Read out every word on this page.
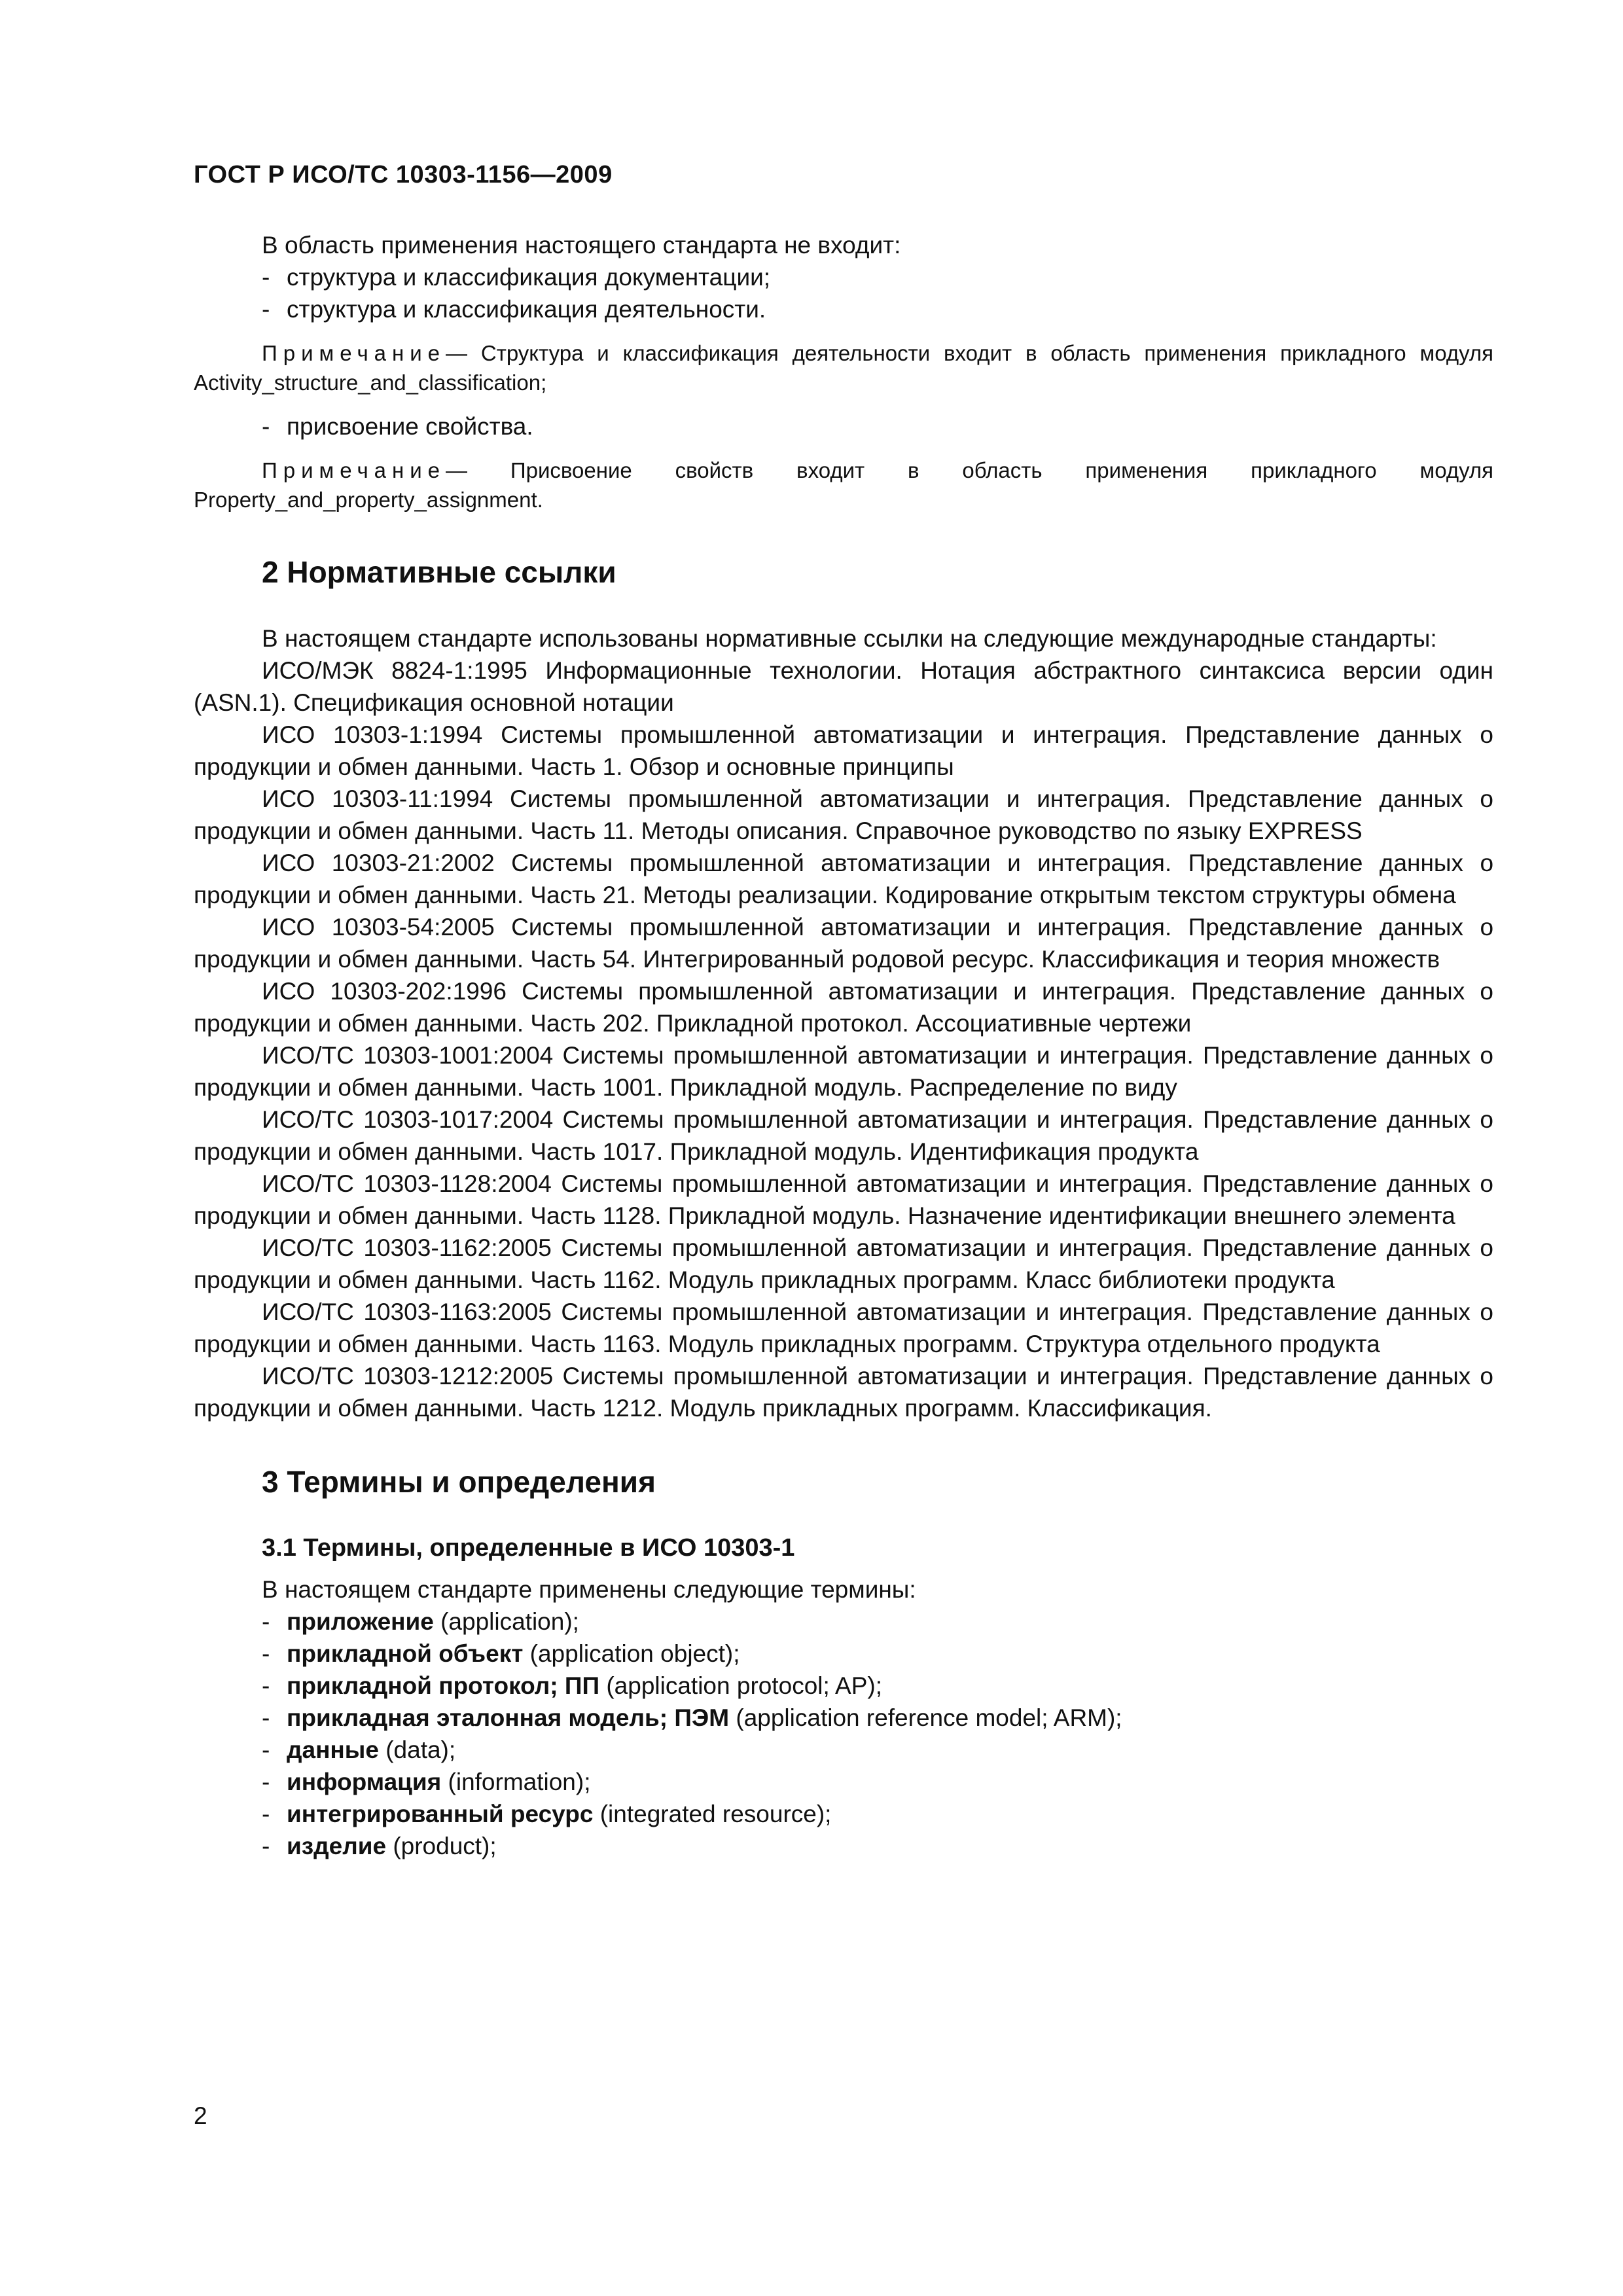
ГОСТ Р ИСО/ТС 10303-1156—2009

В область применения настоящего стандарта не входит:

- структура и классификация документации;

- структура и классификация деятельности.

Примечание— Структура и классификация деятельности входит в область применения прикладного модуля Activity_structure_and_classification;

- присвоение свойства.

Примечание— Присвоение свойств входит в область применения прикладного модуля Property_and_property_assignment.

2 Нормативные ссылки

В настоящем стандарте использованы нормативные ссылки на следующие международные стандарты:

ИСО/МЭК 8824-1:1995 Информационные технологии. Нотация абстрактного синтаксиса версии один (ASN.1). Спецификация основной нотации

ИСО 10303-1:1994 Системы промышленной автоматизации и интеграция. Представление данных о продукции и обмен данными. Часть 1. Обзор и основные принципы

ИСО 10303-11:1994 Системы промышленной автоматизации и интеграция. Представление данных о продукции и обмен данными. Часть 11. Методы описания. Справочное руководство по языку EXPRESS

ИСО 10303-21:2002 Системы промышленной автоматизации и интеграция. Представление данных о продукции и обмен данными. Часть 21. Методы реализации. Кодирование открытым текстом структуры обмена

ИСО 10303-54:2005 Системы промышленной автоматизации и интеграция. Представление данных о продукции и обмен данными. Часть 54. Интегрированный родовой ресурс. Классификация и теория множеств

ИСО 10303-202:1996 Системы промышленной автоматизации и интеграция. Представление данных о продукции и обмен данными. Часть 202. Прикладной протокол. Ассоциативные чертежи

ИСО/ТС 10303-1001:2004 Системы промышленной автоматизации и интеграция. Представление данных о продукции и обмен данными. Часть 1001. Прикладной модуль. Распределение по виду

ИСО/ТС 10303-1017:2004 Системы промышленной автоматизации и интеграция. Представление данных о продукции и обмен данными. Часть 1017. Прикладной модуль. Идентификация продукта

ИСО/ТС 10303-1128:2004 Системы промышленной автоматизации и интеграция. Представление данных о продукции и обмен данными. Часть 1128. Прикладной модуль. Назначение идентификации внешнего элемента

ИСО/ТС 10303-1162:2005 Системы промышленной автоматизации и интеграция. Представление данных о продукции и обмен данными. Часть 1162. Модуль прикладных программ. Класс библиотеки продукта

ИСО/ТС 10303-1163:2005 Системы промышленной автоматизации и интеграция. Представление данных о продукции и обмен данными. Часть 1163. Модуль прикладных программ. Структура отдельного продукта

ИСО/ТС 10303-1212:2005 Системы промышленной автоматизации и интеграция. Представление данных о продукции и обмен данными. Часть 1212. Модуль прикладных программ. Классификация.

3 Термины и определения
3.1 Термины, определенные в ИСО 10303-1

В настоящем стандарте применены следующие термины:

- приложение (application);

- прикладной объект (application object);

- прикладной протокол; ПП (application protocol; AP);

- прикладная эталонная модель; ПЭМ (application reference model; ARM);

- данные (data);

- информация (information);

- интегрированный ресурс (integrated resource);

- изделие (product);

2
